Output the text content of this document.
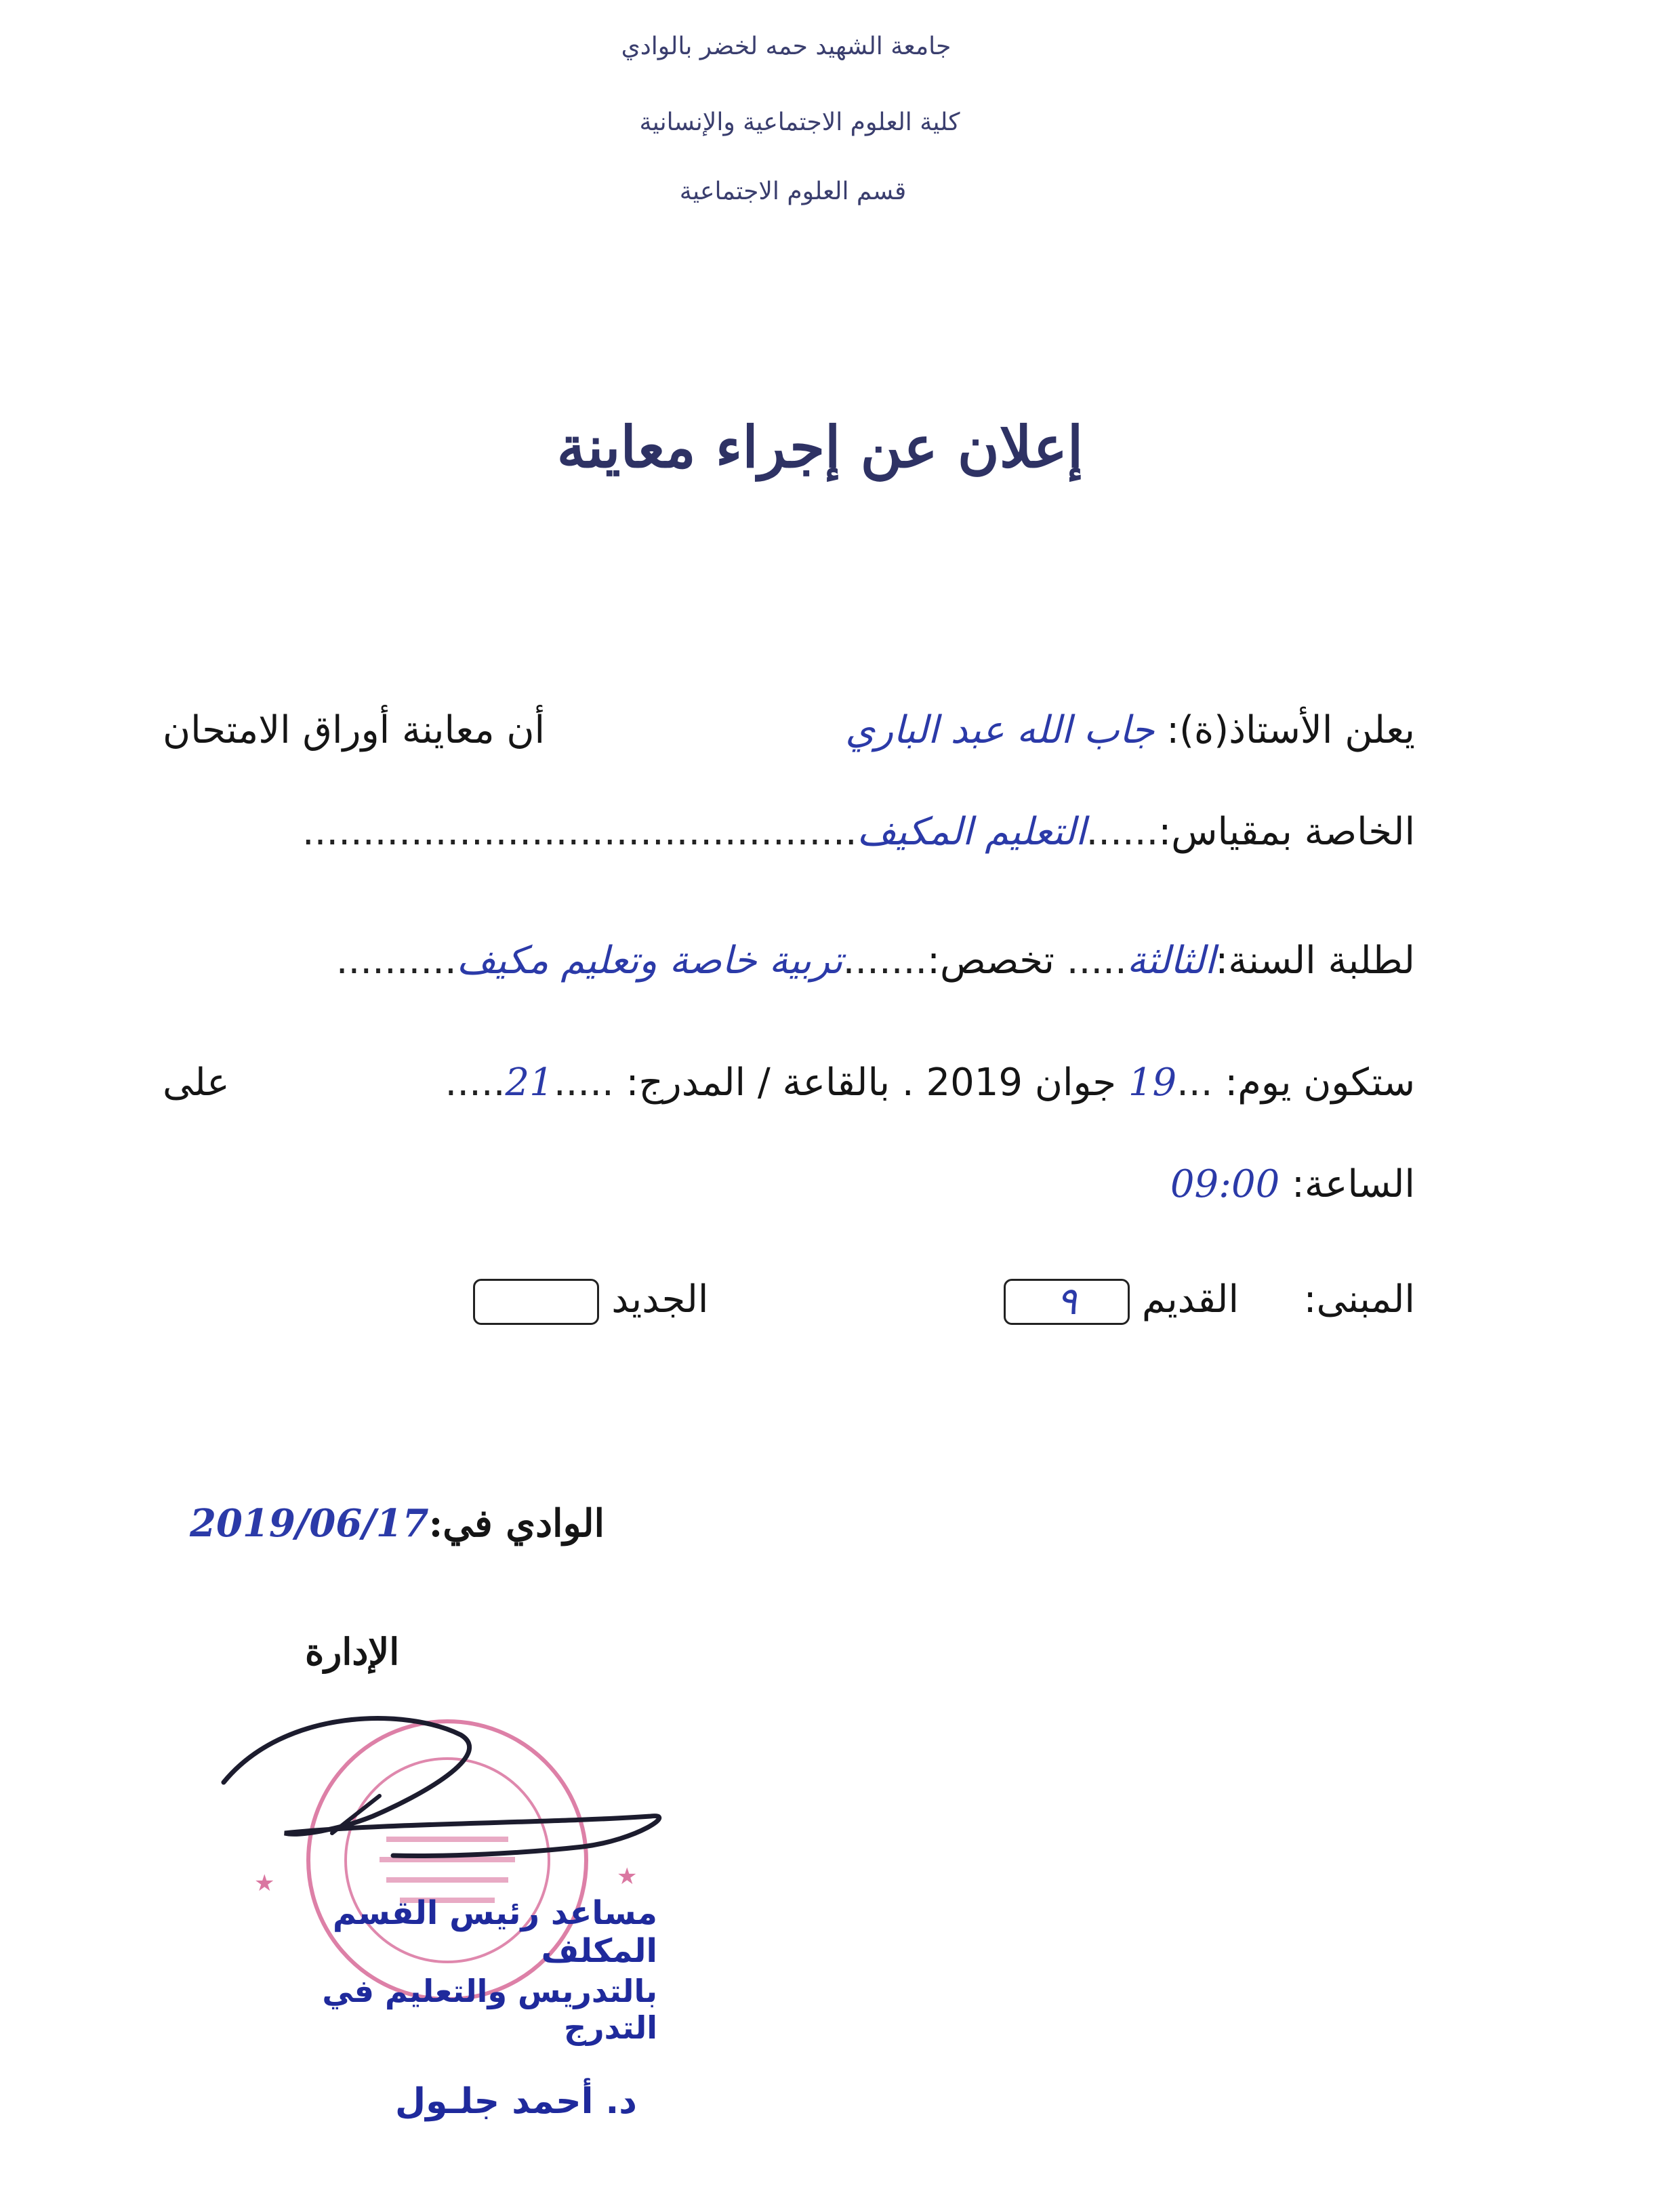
جامعة الشهيد حمه لخضر بالوادي
كلية العلوم الاجتماعية والإنسانية
قسم العلوم الاجتماعية
إعلان عن إجراء معاينة
يعلن الأستاذ(ة): جاب الله عبد الباري
أن معاينة أوراق الامتحان
الخاصة بمقياس:......التعليم المكيف..............................................
لطلبة السنة:الثالثة..... تخصص:.......تربية خاصة وتعليم مكيف..........
ستكون يوم: ...19 جوان 2019 . بالقاعة / المدرج: .....21.....
على
الساعة: 09:00
المبنى:  القديم ٩  الجديد
الوادي في:2019/06/17
الإدارة
★	★
مساعد رئيس القسم المكلف
بالتدريس والتعليم في التدرج
د. أحمد جلـول
